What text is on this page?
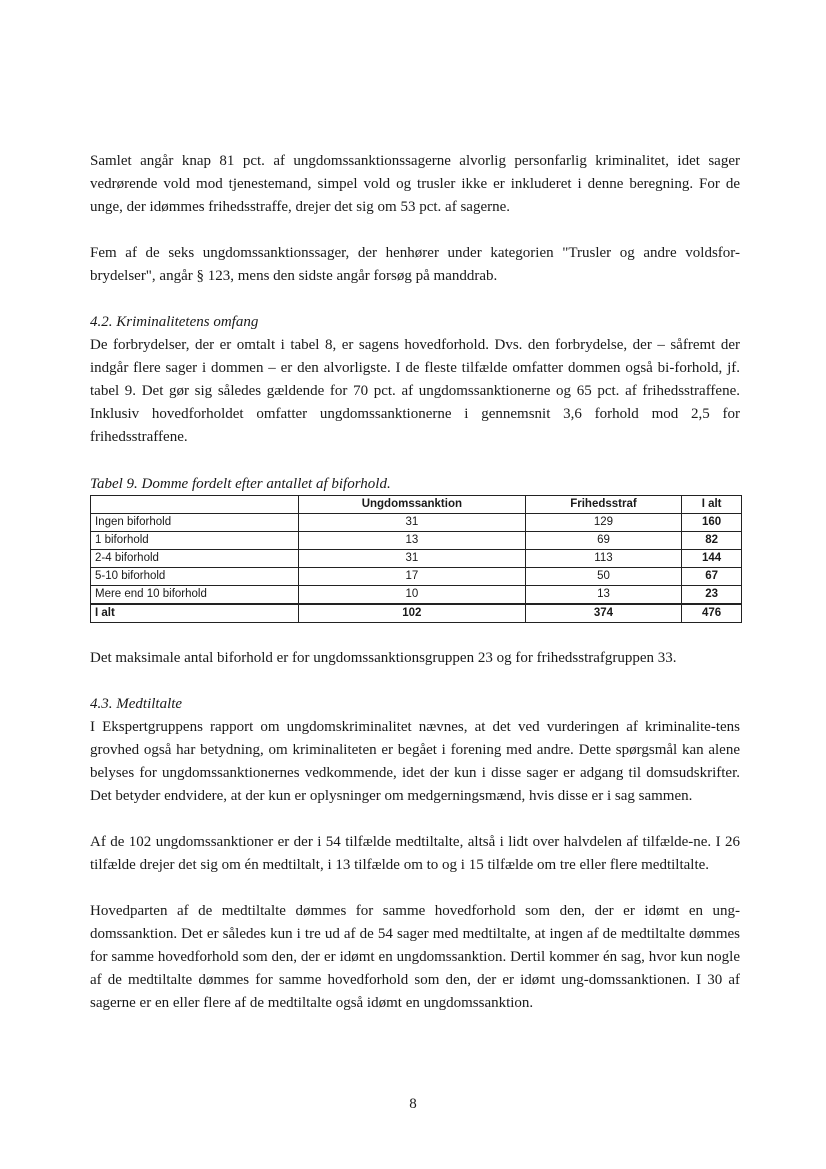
Samlet angår knap 81 pct. af ungdomssanktionssagerne alvorlig personfarlig kriminalitet, idet sager vedrørende vold mod tjenestemand, simpel vold og trusler ikke er inkluderet i denne beregning. For de unge, der idømmes frihedsstraffe, drejer det sig om 53 pct. af sagerne.

Fem af de seks ungdomssanktionssager, der henhører under kategorien "Trusler og andre voldsfor-brydelser", angår § 123, mens den sidste angår forsøg på manddrab.

4.2. Kriminalitetens omfang

De forbrydelser, der er omtalt i tabel 8, er sagens hovedforhold. Dvs. den forbrydelse, der – såfremt der indgår flere sager i dommen – er den alvorligste. I de fleste tilfælde omfatter dommen også bi-forhold, jf. tabel 9. Det gør sig således gældende for 70 pct. af ungdomssanktionerne og 65 pct. af frihedsstraffene. Inklusiv hovedforholdet omfatter ungdomssanktionerne i gennemsnit 3,6 forhold mod 2,5 for frihedsstraffene.

Tabel 9. Domme fordelt efter antallet af biforhold.
	Ungdomssanktion	Frihedsstraf	I alt
Ingen biforhold	31	129	160
1 biforhold	13	69	82
2-4 biforhold	31	113	144
5-10 biforhold	17	50	67
Mere end 10 biforhold	10	13	23
I alt	102	374	476

Det maksimale antal biforhold er for ungdomssanktionsgruppen 23 og for frihedsstrafgruppen 33.

4.3. Medtiltalte

I Ekspertgruppens rapport om ungdomskriminalitet nævnes, at det ved vurderingen af kriminalite-tens grovhed også har betydning, om kriminaliteten er begået i forening med andre. Dette spørgsmål kan alene belyses for ungdomssanktionernes vedkommende, idet der kun i disse sager er adgang til domsudskrifter. Det betyder endvidere, at der kun er oplysninger om medgerningsmænd, hvis disse er i sag sammen.

Af de 102 ungdomssanktioner er der i 54 tilfælde medtiltalte, altså i lidt over halvdelen af tilfælde-ne. I 26 tilfælde drejer det sig om én medtiltalt, i 13 tilfælde om to og i 15 tilfælde om tre eller flere medtiltalte.

Hovedparten af de medtiltalte dømmes for samme hovedforhold som den, der er idømt en ung-domssanktion. Det er således kun i tre ud af de 54 sager med medtiltalte, at ingen af de medtiltalte dømmes for samme hovedforhold som den, der er idømt en ungdomssanktion. Dertil kommer én sag, hvor kun nogle af de medtiltalte dømmes for samme hovedforhold som den, der er idømt ung-domssanktionen. I 30 af sagerne er en eller flere af de medtiltalte også idømt en ungdomssanktion.

8
